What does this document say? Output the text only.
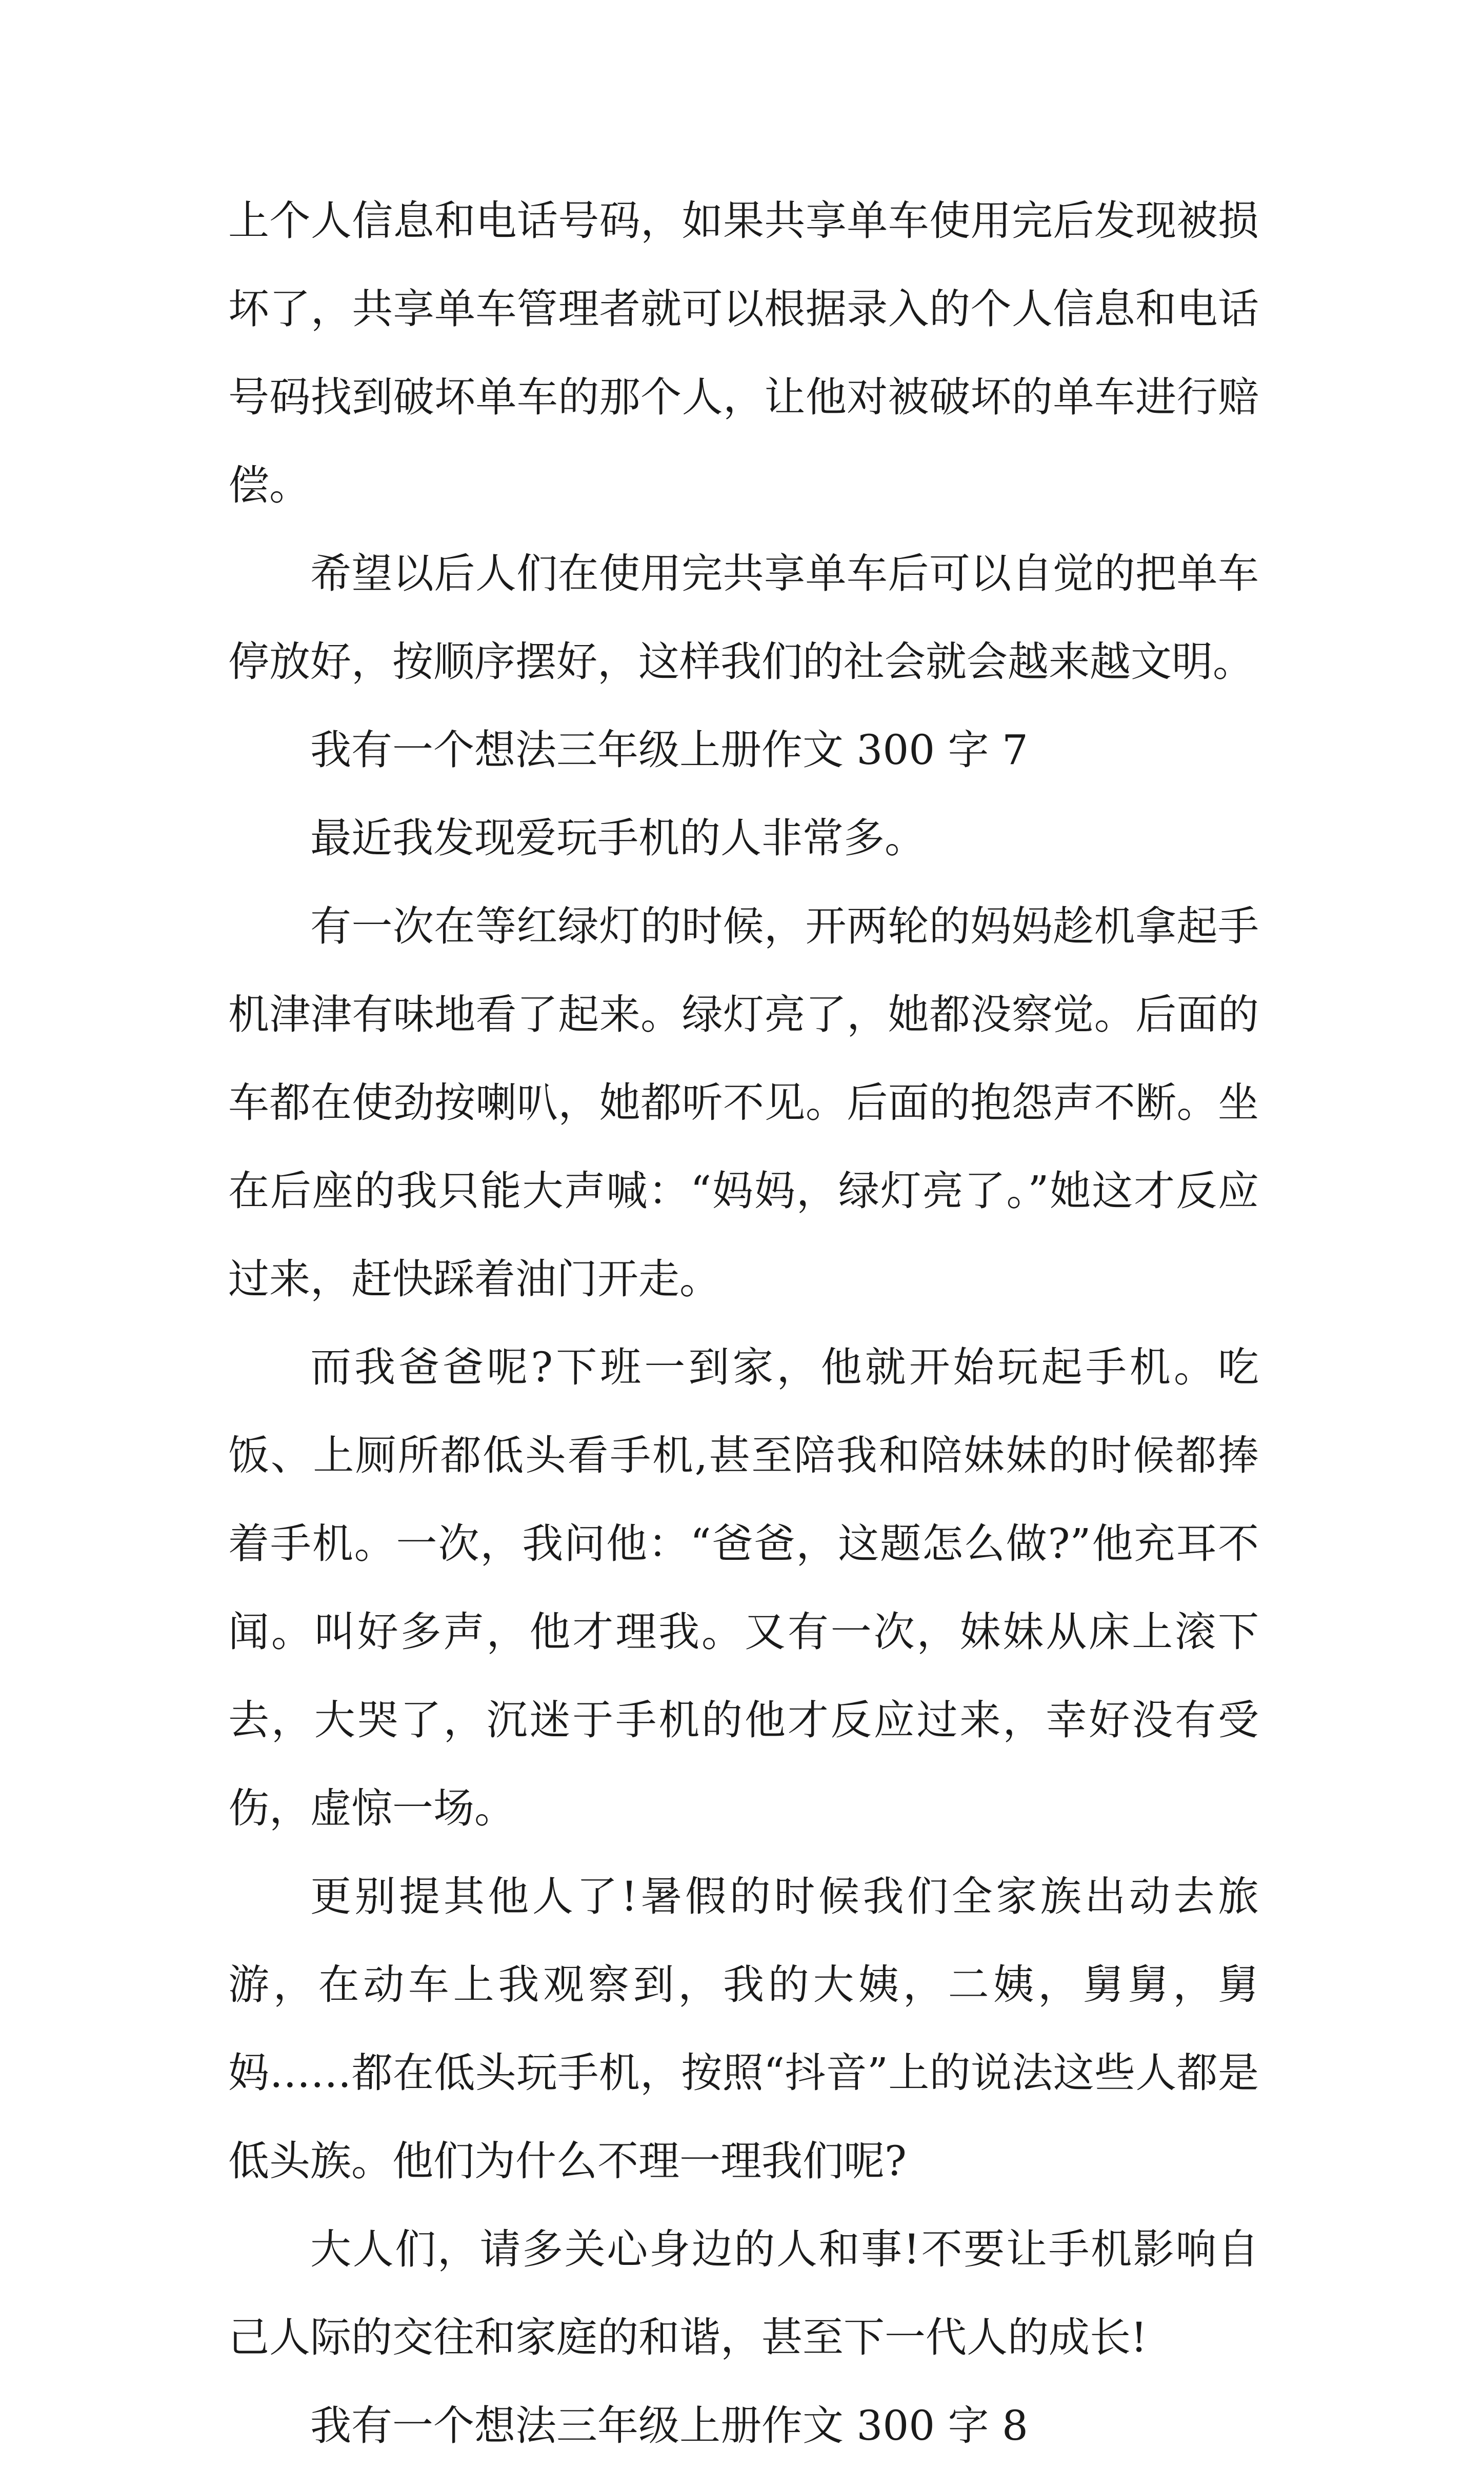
上个人信息和电话号码，如果共享单车使用完后发现被损坏了，共享单车管理者就可以根据录入的个人信息和电话号码找到破坏单车的那个人，让他对被破坏的单车进行赔偿。

希望以后人们在使用完共享单车后可以自觉的把单车停放好，按顺序摆好，这样我们的社会就会越来越文明。

我有一个想法三年级上册作文 300 字 7

最近我发现爱玩手机的人非常多。

有一次在等红绿灯的时候，开两轮的妈妈趁机拿起手机津津有味地看了起来。绿灯亮了，她都没察觉。后面的车都在使劲按喇叭，她都听不见。后面的抱怨声不断。坐在后座的我只能大声喊：“妈妈，绿灯亮了。”她这才反应过来，赶快踩着油门开走。

而我爸爸呢?下班一到家，他就开始玩起手机。吃饭、上厕所都低头看手机,甚至陪我和陪妹妹的时候都捧着手机。一次，我问他：“爸爸，这题怎么做?”他充耳不闻。叫好多声，他才理我。又有一次，妹妹从床上滚下去，大哭了，沉迷于手机的他才反应过来，幸好没有受伤，虚惊一场。

更别提其他人了!暑假的时候我们全家族出动去旅游，在动车上我观察到，我的大姨，二姨，舅舅，舅妈……都在低头玩手机，按照“抖音”上的说法这些人都是低头族。他们为什么不理一理我们呢?

大人们，请多关心身边的人和事!不要让手机影响自己人际的交往和家庭的和谐，甚至下一代人的成长!

我有一个想法三年级上册作文 300 字 8
